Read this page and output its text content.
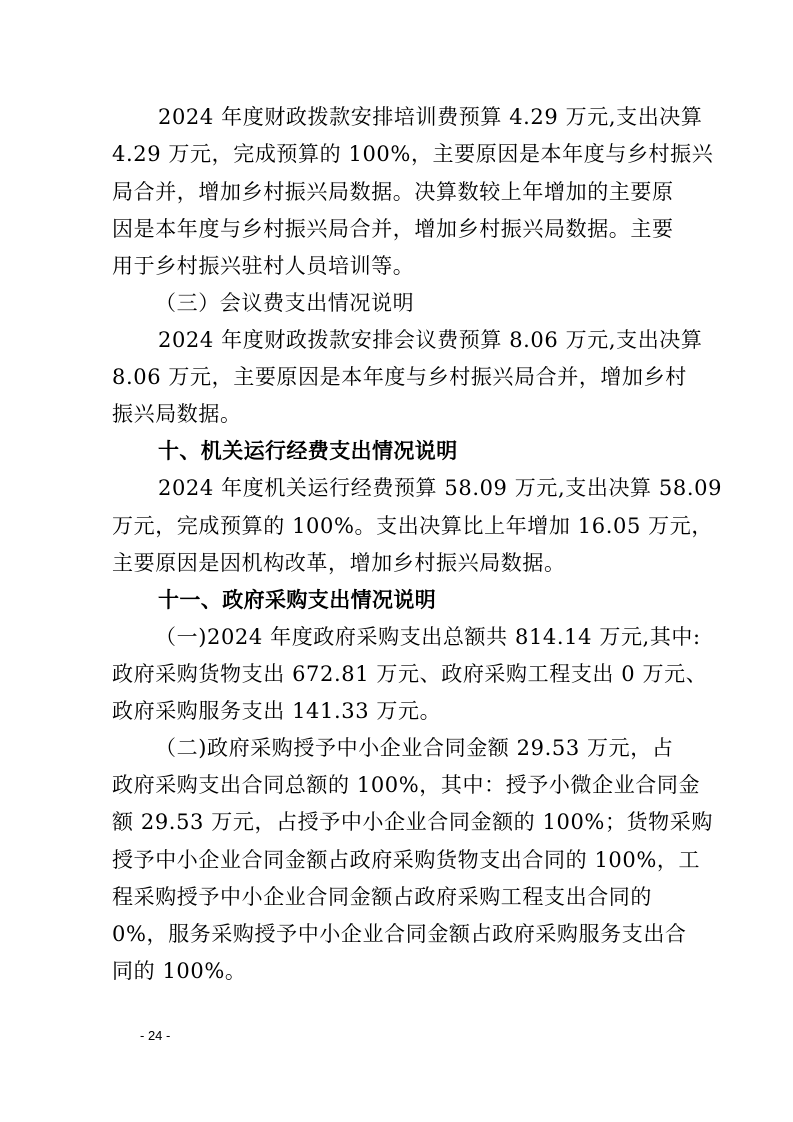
2024 年度财政拨款安排培训费预算 4.29 万元,支出决算
4.29 万元，完成预算的 100%，主要原因是本年度与乡村振兴
局合并，增加乡村振兴局数据。决算数较上年增加的主要原
因是本年度与乡村振兴局合并，增加乡村振兴局数据。主要
用于乡村振兴驻村人员培训等。
（三）会议费支出情况说明
2024 年度财政拨款安排会议费预算 8.06 万元,支出决算
8.06 万元，主要原因是本年度与乡村振兴局合并，增加乡村
振兴局数据。
十、机关运行经费支出情况说明
2024 年度机关运行经费预算 58.09 万元,支出决算 58.09
万元，完成预算的 100%。支出决算比上年增加 16.05 万元，
主要原因是因机构改革，增加乡村振兴局数据。
十一、政府采购支出情况说明
（一)2024 年度政府采购支出总额共 814.14 万元,其中:
政府采购货物支出 672.81 万元、政府采购工程支出 0 万元、
政府采购服务支出 141.33 万元。
（二)政府采购授予中小企业合同金额 29.53 万元，占
政府采购支出合同总额的 100%，其中：授予小微企业合同金
额 29.53 万元，占授予中小企业合同金额的 100%；货物采购
授予中小企业合同金额占政府采购货物支出合同的 100%，工
程采购授予中小企业合同金额占政府采购工程支出合同的
0%，服务采购授予中小企业合同金额占政府采购服务支出合
同的 100%。
- 24 -
